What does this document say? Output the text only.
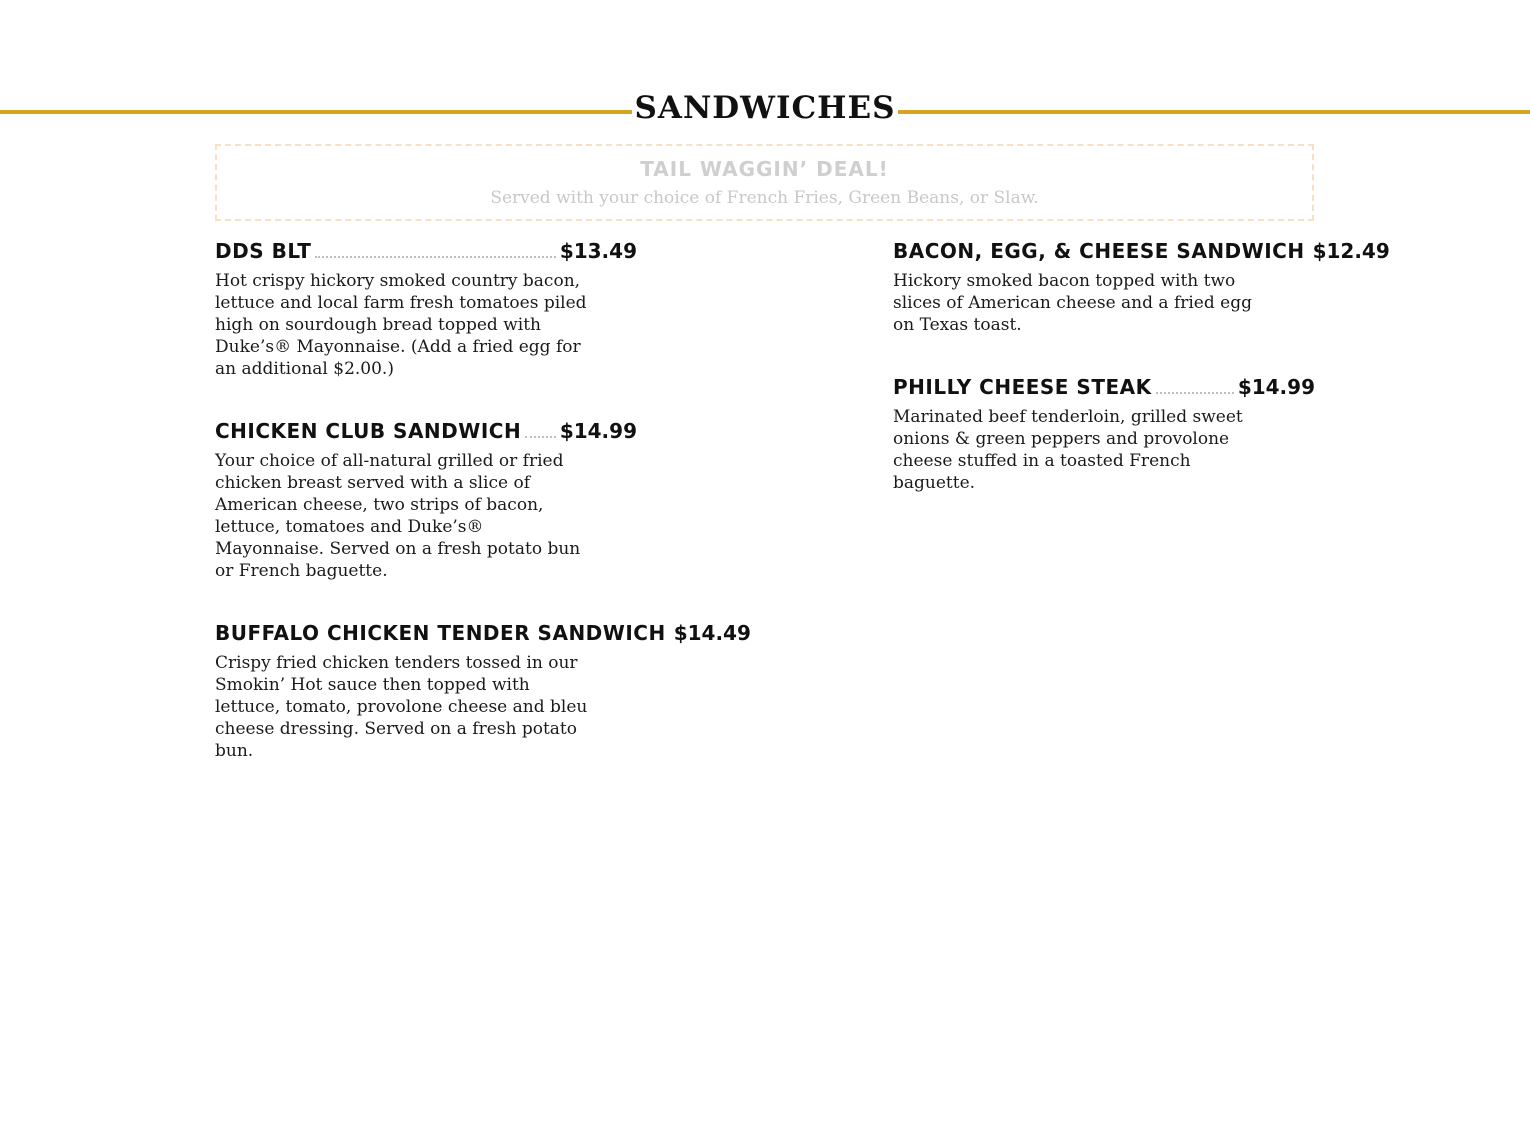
SANDWICHES
TAIL WAGGIN’ DEAL!
Served with your choice of French Fries, Green Beans, or Slaw.
DDS BLT	$13.49
Hot crispy hickory smoked country bacon, lettuce and local farm fresh tomatoes piled high on sourdough bread topped with Duke’s® Mayonnaise. (Add a fried egg for an additional $2.00.)
CHICKEN CLUB SANDWICH $14.99
Your choice of all-natural grilled or fried chicken breast served with a slice of American cheese, two strips of bacon, lettuce, tomatoes and Duke’s® Mayonnaise. Served on a fresh potato bun or French baguette.
BUFFALO CHICKEN TENDER SANDWICH $14.49
Crispy fried chicken tenders tossed in our Smokin’ Hot sauce then topped with lettuce, tomato, provolone cheese and bleu cheese dressing. Served on a fresh potato bun.
BACON, EGG, & CHEESE SANDWICH $12.49
Hickory smoked bacon topped with two slices of American cheese and a fried egg on Texas toast.
PHILLY CHEESE STEAK	$14.99
Marinated beef tenderloin, grilled sweet onions & green peppers and provolone cheese stuffed in a toasted French baguette.
